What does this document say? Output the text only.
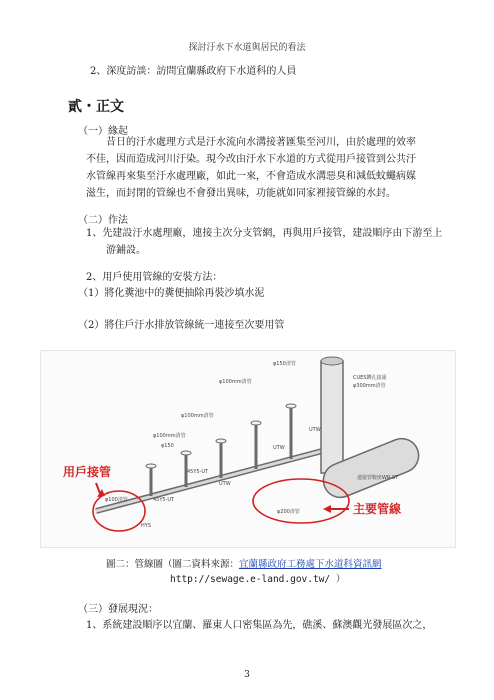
探討汙水下水道與居民的看法
2、深度訪談：訪問宜蘭縣政府下水道科的人員
貳・正文
（一）緣起
昔日的汙水處理方式是汙水流向水溝接著匯集至河川，由於處理的效率不佳，因而造成河川汙染。現今改由汙水下水道的方式從用戶接管到公共汙水管線再來集至汙水處理廠，如此一來，不會造成水溝惡臭和減低蚊蠅病媒滋生，而封閉的管線也不會發出異味，功能就如同家裡接管線的水封。
（二）作法
1、先建設汙水處理廠，連接主次分支管網，再與用戶接管，建設順序由下游至上游鋪設。
2、用戶使用管線的安裝方法：
（1）將化糞池中的糞便抽除再裝沙填水泥
（2）將住戶汙水排放管線統一連接至次要用管
用戶接管
主要管線
φ150清管
φ100mm清管
CUES鑽孔接頭
φ300mm清管
φ100mm清管
φ100mm清管
φ150
45Y5-UT
45Y5-UT
UTW
UTW
UTW
φ100清管
φ200清管
連接管鞍座WR-ST
HYS
圖二：管線圖（圖二資料來源：宜蘭縣政府工務處下水道科資訊網
http://sewage.e-land.gov.tw/ ）
（三）發展現況：
1、系統建設順序以宜蘭、羅東人口密集區為先，礁溪、蘇澳觀光發展區次之，
3
